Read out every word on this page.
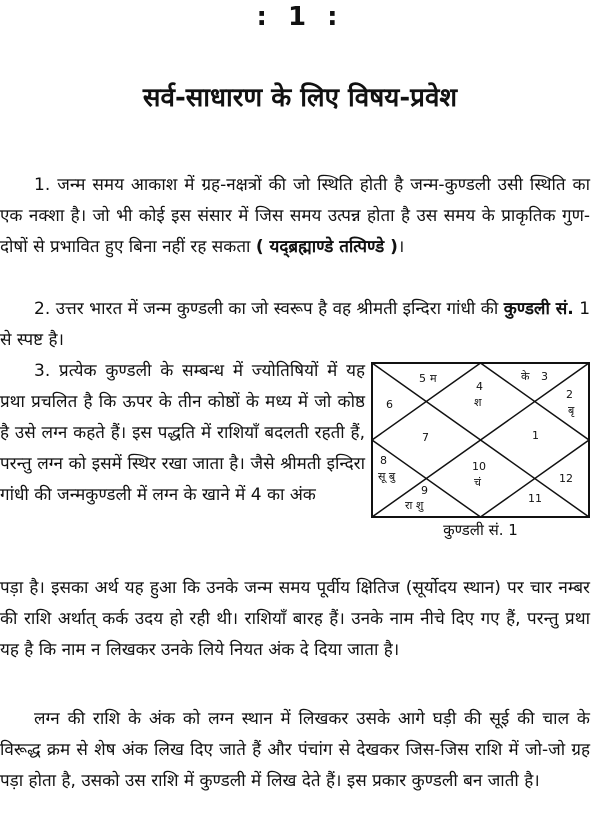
: 1 :
सर्व-साधारण के लिए विषय-प्रवेश

1. जन्म समय आकाश में ग्रह-नक्षत्रों की जो स्थिति होती है जन्म-कुण्डली उसी स्थिति का एक नक्शा है। जो भी कोई इस संसार में जिस समय उत्पन्न होता है उस समय के प्राकृतिक गुण-दोषों से प्रभावित हुए बिना नहीं रह सकता ( यद्ब्रह्माण्डे तत्पिण्डे )।

2. उत्तर भारत में जन्म कुण्डली का जो स्वरूप है वह श्रीमती इन्दिरा गांधी की कुण्डली सं. 1 से स्पष्ट है।

3. प्रत्येक कुण्डली के सम्बन्ध में ज्योतिषियों में यह प्रथा प्रचलित है कि ऊपर के तीन कोष्ठों के मध्य में जो कोष्ठ है उसे लग्न कहते हैं। इस पद्धति में राशियाँ बदलती रहती हैं, परन्तु लग्न को इसमें स्थिर रखा जाता है। जैसे श्रीमती इन्दिरा गांधी की जन्मकुण्डली में लग्न के खाने में 4 का अंक

पड़ा है। इसका अर्थ यह हुआ कि उनके जन्म समय पूर्वीय क्षितिज (सूर्योदय स्थान) पर चार नम्बर की राशि अर्थात् कर्क उदय हो रही थी। राशियाँ बारह हैं। उनके नाम नीचे दिए गए हैं, परन्तु प्रथा यह है कि नाम न लिखकर उनके लिये नियत अंक दे दिया जाता है।

लग्न की राशि के अंक को लग्न स्थान में लिखकर उसके आगे घड़ी की सूई की चाल के विरूद्ध क्रम से शेष अंक लिख दिए जाते हैं और पंचांग से देखकर जिस-जिस राशि में जो-जो ग्रह पड़ा होता है, उसको उस राशि में कुण्डली में लिख देते हैं। इस प्रकार कुण्डली बन जाती है।

5 म
4
श
के 3
6
2
बृ
7	1
8
सू बु
10
चं	12
9
रा शु
11
कुण्डली सं. 1
